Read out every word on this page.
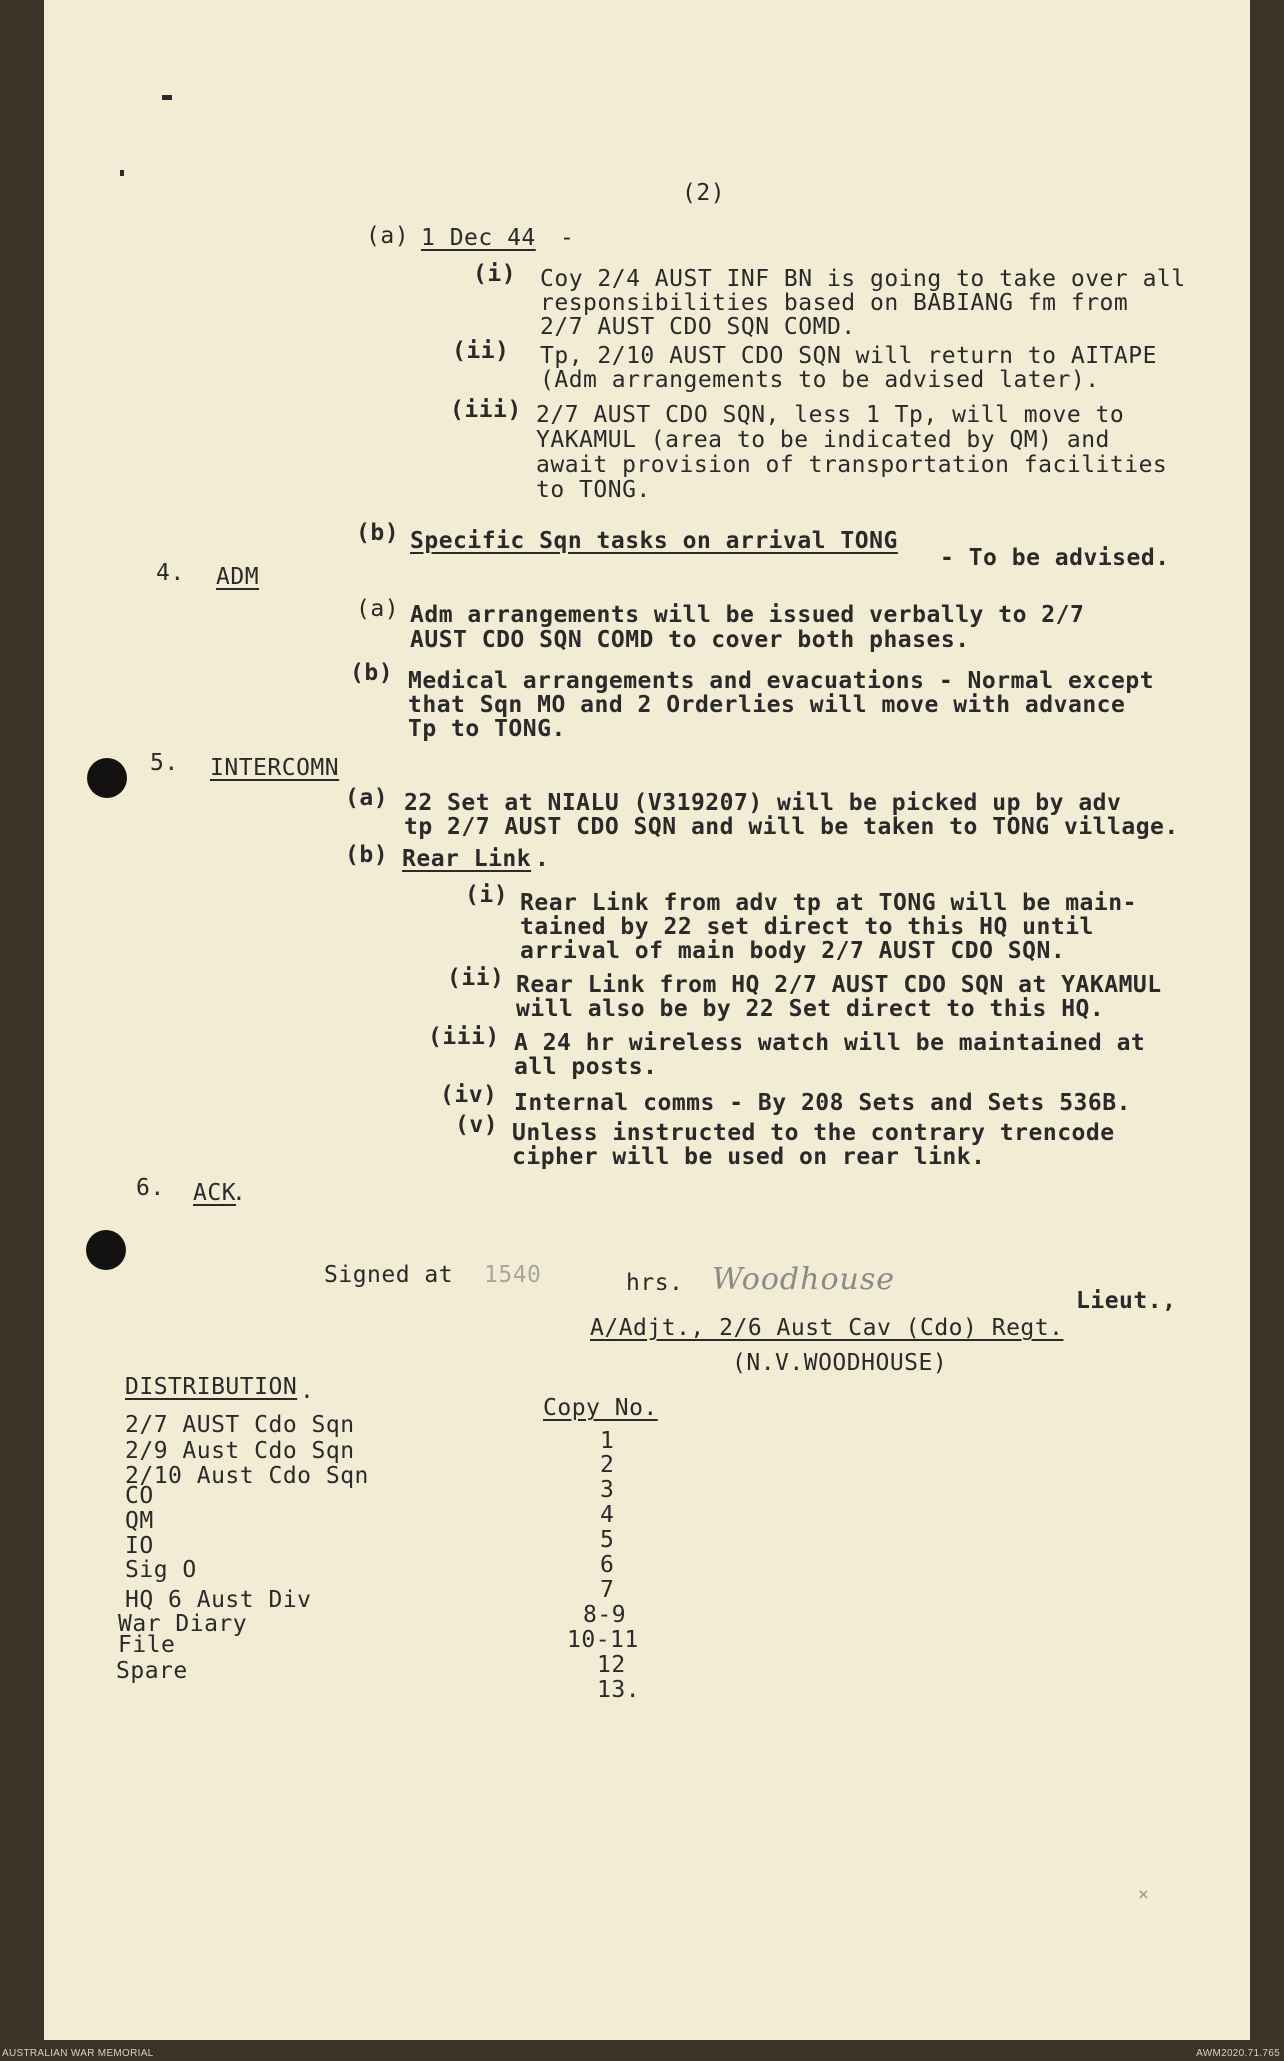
(2)
(a) 1 Dec 44 -
(i) Coy 2/4 AUST INF BN is going to take over all
responsibilities based on BABIANG fm from
2/7 AUST CDO SQN COMD.
(ii) Tp, 2/10 AUST CDO SQN will return to AITAPE
(Adm arrangements to be advised later).
(iii) 2/7 AUST CDO SQN, less 1 Tp, will move to
YAKAMUL (area to be indicated by QM) and
await provision of transportation facilities
to TONG.
(b) Specific Sqn tasks on arrival TONG
- To be advised.
4. ADM
(a) Adm arrangements will be issued verbally to 2/7
AUST CDO SQN COMD to cover both phases.
(b) Medical arrangements and evacuations - Normal except
that Sqn MO and 2 Orderlies will move with advance
Tp to TONG.
5. INTERCOMN
(a) 22 Set at NIALU (V319207) will be picked up by adv
tp 2/7 AUST CDO SQN and will be taken to TONG village.
(b) Rear Link .
(i) Rear Link from adv tp at TONG will be main-
tained by 22 set direct to this HQ until
arrival of main body 2/7 AUST CDO SQN.
(ii) Rear Link from HQ 2/7 AUST CDO SQN at YAKAMUL
will also be by 22 Set direct to this HQ.
(iii) A 24 hr wireless watch will be maintained at
all posts.
(iv) Internal comms - By 208 Sets and Sets 536B.
(v) Unless instructed to the contrary trencode
cipher will be used on rear link.
6. ACK
.
Signed at 1540	hrs. Woodhouse
Lieut.,
A/Adjt., 2/6 Aust Cav (Cdo) Regt.
(N.V.WOODHOUSE)
DISTRIBUTION .
Copy No.
2/7 AUST Cdo Sqn
2/9 Aust Cdo Sqn
2/10 Aust Cdo Sqn
CO
QM
IO
Sig O
HQ 6 Aust Div
War Diary
File
Spare
1
2
3
4
5
6
7
8-9
10-11
12
13.
×
AUSTRALIAN WAR MEMORIAL	AWM2020.71.765
